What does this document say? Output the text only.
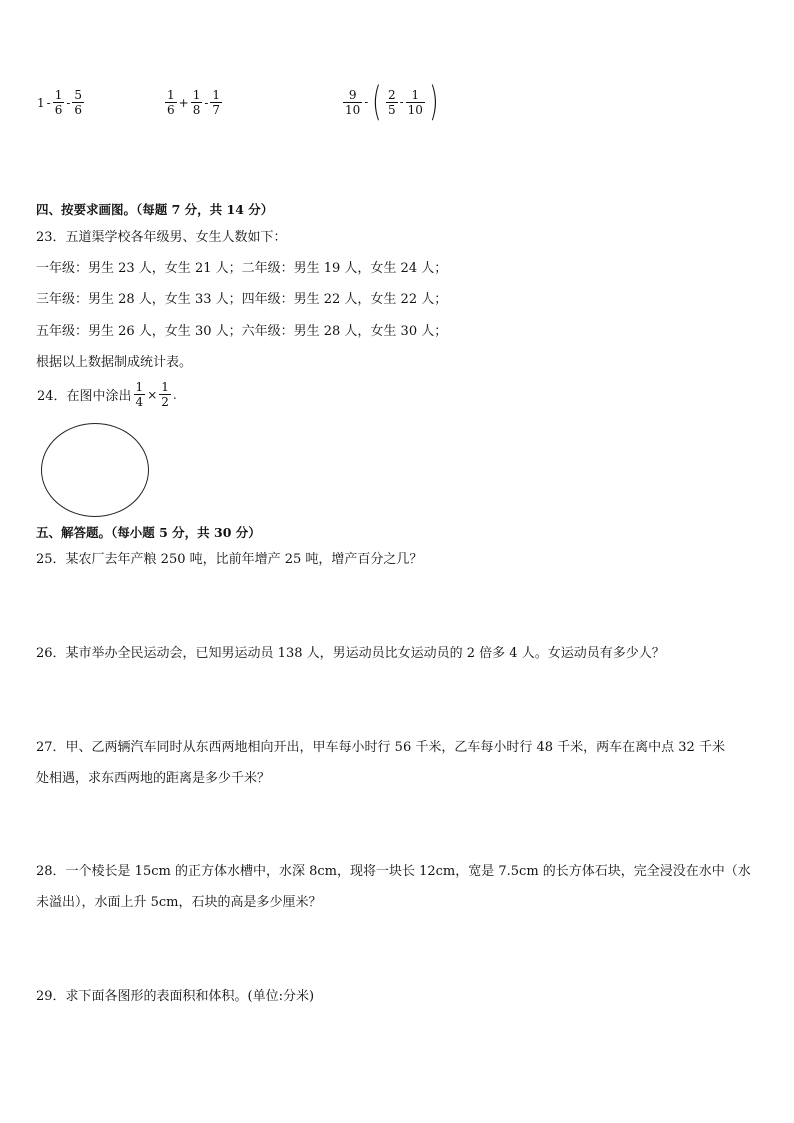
$1 - \frac{1}{6} - \frac{5}{6}$	$\frac{1}{6} + \frac{1}{8} - \frac{1}{7}$	$\frac{9}{10}$ - ( $\frac{2}{5} - \frac{1}{10}$ )
四、按要求画图。（每题 7 分，共 14 分）
23．五道渠学校各年级男、女生人数如下：
一年级：男生 23 人，女生 21 人；二年级：男生 19 人，女生 24 人；
三年级：男生 28 人，女生 33 人；四年级：男生 22 人，女生 22 人；
五年级：男生 26 人，女生 30 人；六年级：男生 28 人，女生 30 人；
根据以上数据制成统计表。
24．在图中涂出 $\frac{1}{4} \times \frac{1}{2}$ .
五、解答题。（每小题 5 分，共 30 分）
25．某农厂去年产粮 250 吨，比前年增产 25 吨，增产百分之几？
26．某市举办全民运动会，已知男运动员 138 人，男运动员比女运动员的 2 倍多 4 人。女运动员有多少人？
27．甲、乙两辆汽车同时从东西两地相向开出，甲车每小时行 56 千米，乙车每小时行 48 千米，两车在离中点 32 千米
处相遇，求东西两地的距离是多少千米？
28．一个棱长是 15cm 的正方体水槽中，水深 8cm，现将一块长 12cm，宽是 7.5cm 的长方体石块，完全浸没在水中（水
未溢出），水面上升 5cm，石块的高是多少厘米？
29．求下面各图形的表面积和体积。(单位:分米)
